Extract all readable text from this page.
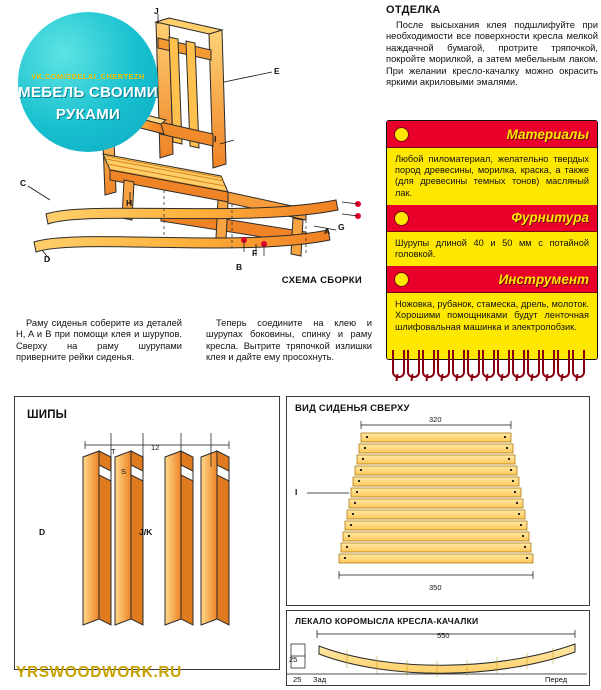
J
E
I
C
H
F
G
A
B
D
СХЕМА СБОРКИ
VK.COM/SDELAI_CHERTEZH
МЕБЕЛЬ СВОИМИ
РУКАМИ
ОТДЕЛКА

После высыхания клея подшлифуйте при необходимости все поверхности кресла мелкой наждачной бумагой, протрите тряпочкой, покройте морилкой, а затем мебельным лаком. При желании кресло-качалку можно окрасить яркими акриловыми эмалями.

Материалы
Любой пиломатериал, желательно твердых пород древесины, морилка, краска, а также (для древесины темных тонов) масляный лак.
Фурнитура
Шурупы длиной 40 и 50 мм с потайной головкой.
Инструмент
Ножовка, рубанок, стамеска, дрель, молоток. Хорошими помощниками будут ленточная шлифовальная машинка и электролобзик.
Раму сиденья соберите из деталей H, A и B при помощи клея и шурупов. Сверху на раму шурупами приверните рейки сиденья.
Теперь соедините на клею и шурупах боковины, спинку и раму кресла. Вытрите тряпочкой излишки клея и дайте ему просохнуть.
ШИПЫ
12
T
S
D	J/K
ВИД СИДЕНЬЯ СВЕРХУ
320
350
I
ЛЕКАЛО КОРОМЫСЛА КРЕСЛА-КАЧАЛКИ
550
25
25 Зад	Перед
YRSWOODWORK.RU
